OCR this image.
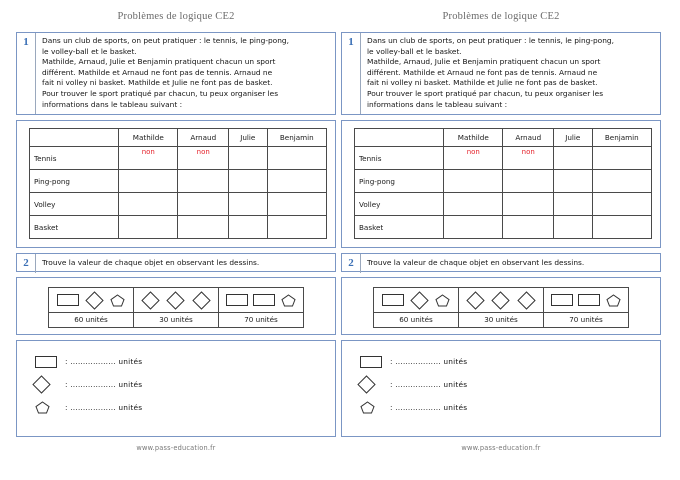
Problèmes de logique CE2
1	Dans un club de sports, on peut pratiquer : le tennis, le ping-pong,

le volley-ball et le basket.

Mathilde, Arnaud, Julie et Benjamin pratiquent chacun un sport

différent. Mathilde et Arnaud ne font pas de tennis. Arnaud ne

fait ni volley ni basket. Mathilde et Julie ne font pas de basket.

Pour trouver le sport pratiqué par chacun, tu peux organiser les

informations dans le tableau suivant :

	Mathilde	Arnaud	Julie	Benjamin
Tennis	non	non		
Ping-pong				
Volley				
Basket				
2	Trouve la valeur de chaque objet en observant les dessins.
60 unités	30 unités	70 unités
: ……………… unités
: ……………… unités
: ……………… unités
www.pass-education.fr
Problèmes de logique CE2
1	Dans un club de sports, on peut pratiquer : le tennis, le ping-pong,

le volley-ball et le basket.

Mathilde, Arnaud, Julie et Benjamin pratiquent chacun un sport

différent. Mathilde et Arnaud ne font pas de tennis. Arnaud ne

fait ni volley ni basket. Mathilde et Julie ne font pas de basket.

Pour trouver le sport pratiqué par chacun, tu peux organiser les

informations dans le tableau suivant :

	Mathilde	Arnaud	Julie	Benjamin
Tennis	non	non		
Ping-pong				
Volley				
Basket				
2	Trouve la valeur de chaque objet en observant les dessins.
60 unités	30 unités	70 unités
: ……………… unités
: ……………… unités
: ……………… unités
www.pass-education.fr
